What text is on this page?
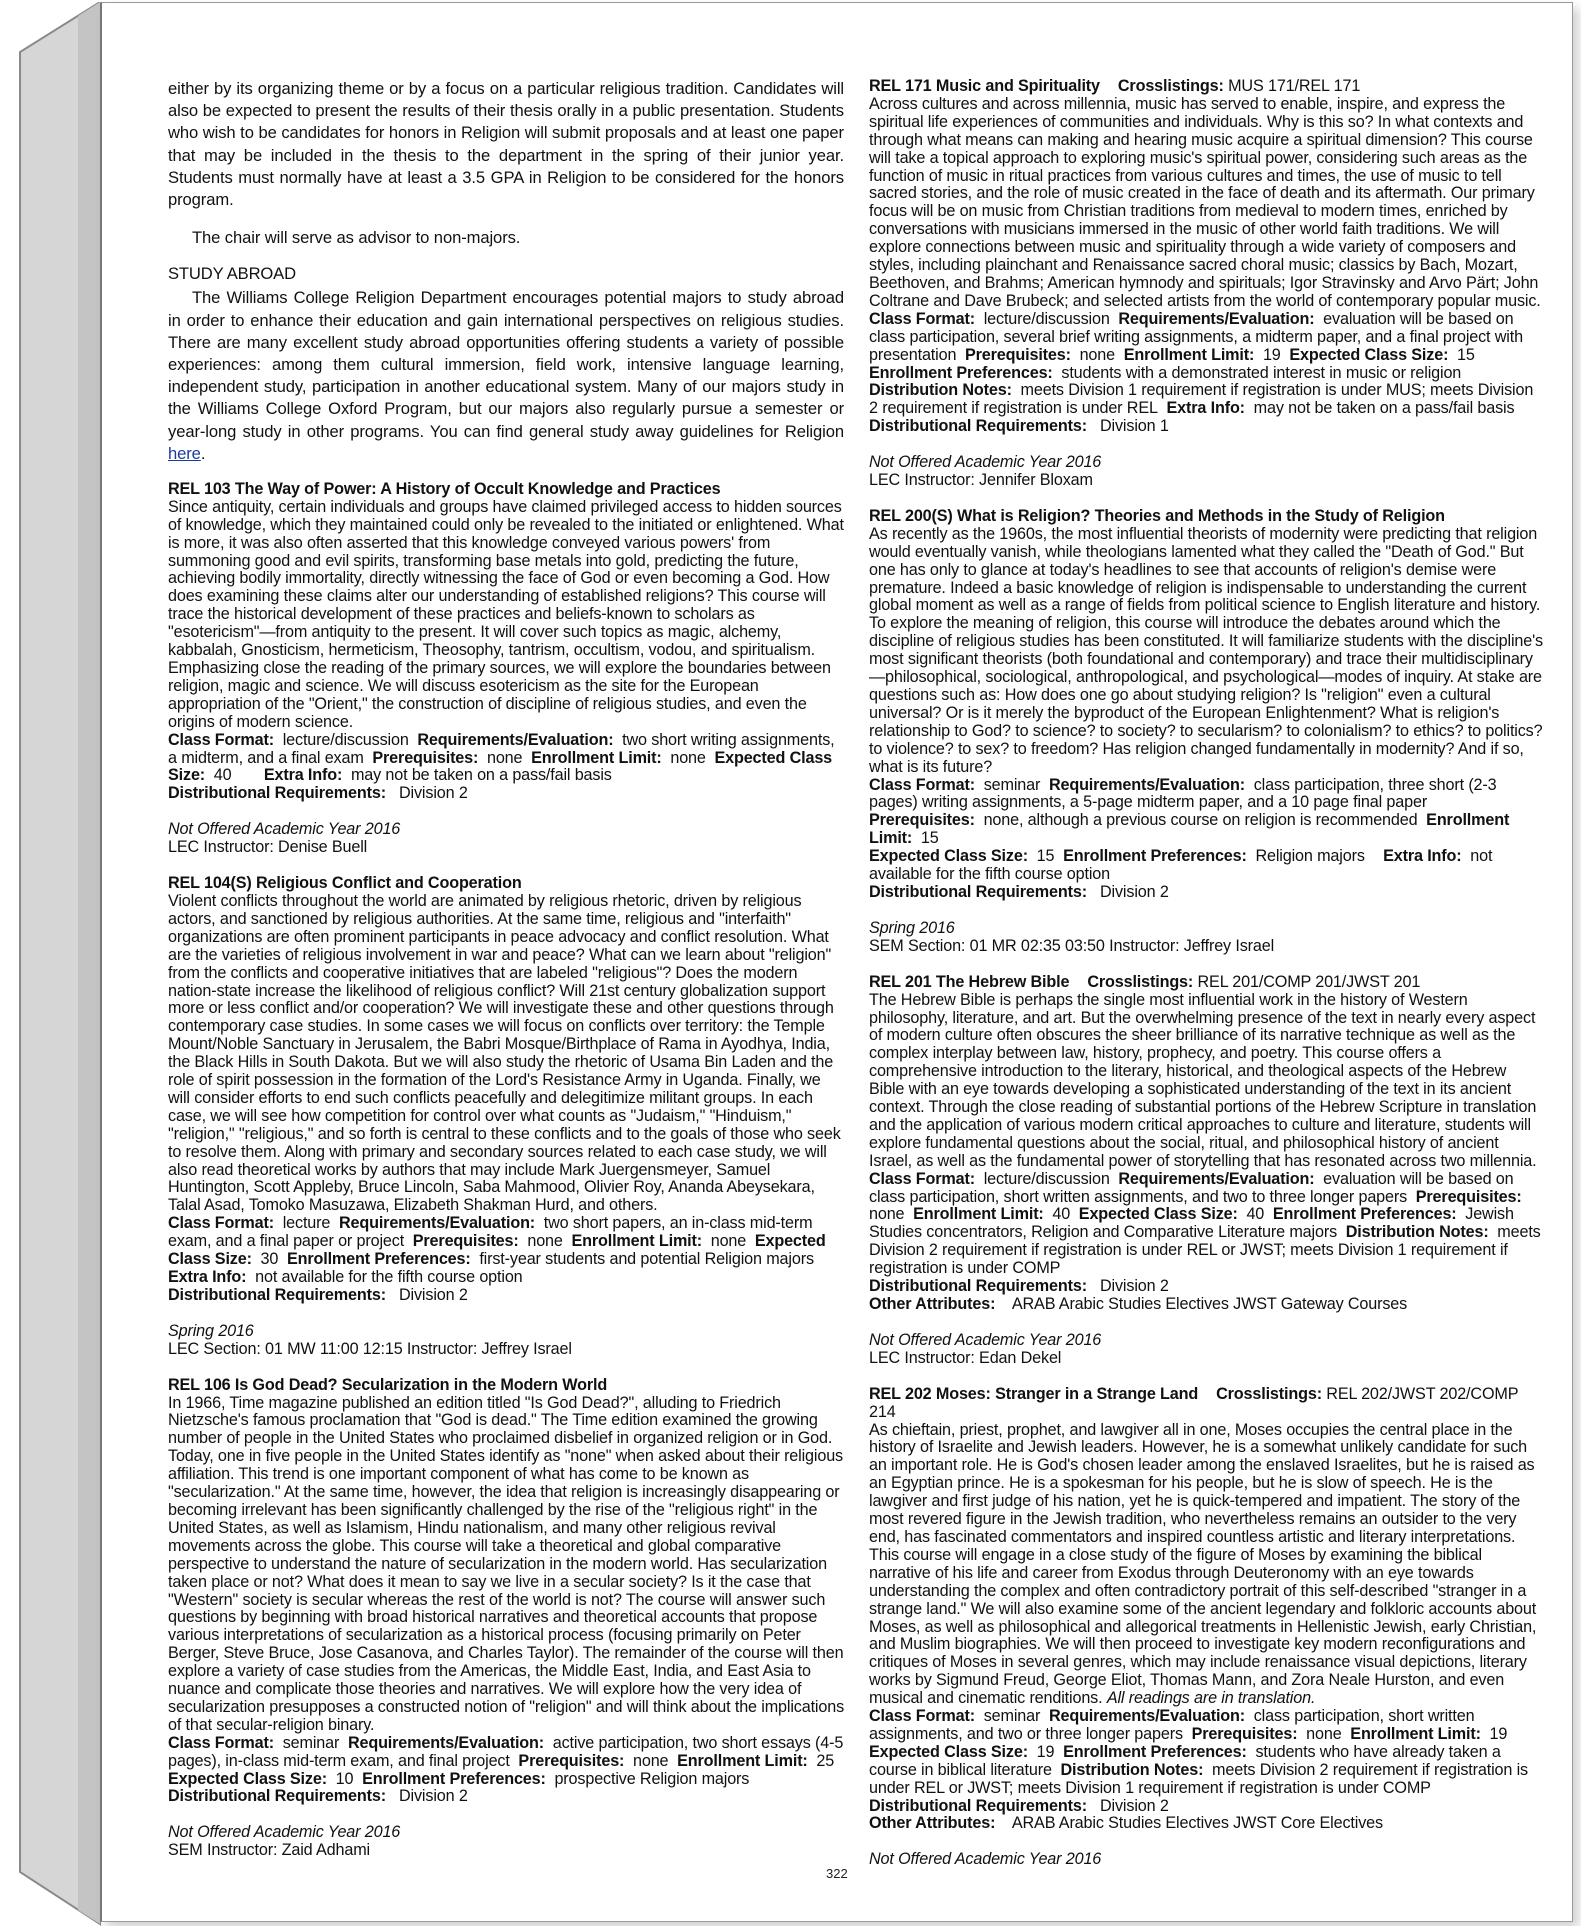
either by its organizing theme or by a focus on a particular religious tradition. Candidates will also be expected to present the results of their thesis orally in a public presentation. Students who wish to be candidates for honors in Religion will submit proposals and at least one paper that may be included in the thesis to the department in the spring of their junior year. Students must normally have at least a 3.5 GPA in Religion to be considered for the honors program.

The chair will serve as advisor to non-majors.

STUDY ABROAD

The Williams College Religion Department encourages potential majors to study abroad in order to enhance their education and gain international perspectives on religious studies. There are many excellent study abroad opportunities offering students a variety of possible experiences: among them cultural immersion, field work, intensive language learning, independent study, participation in another educational system. Many of our majors study in the Williams College Oxford Program, but our majors also regularly pursue a semester or year-long study in other programs. You can find general study away guidelines for Religion here.

REL 103 The Way of Power: A History of Occult Knowledge and Practices
Since antiquity, certain individuals and groups have claimed privileged access to hidden sources of knowledge, which they maintained could only be revealed to the initiated or enlightened. What is more, it was also often asserted that this knowledge conveyed various powers' from summoning good and evil spirits, transforming base metals into gold, predicting the future, achieving bodily immortality, directly witnessing the face of God or even becoming a God. How does examining these claims alter our understanding of established religions? This course will trace the historical development of these practices and beliefs-known to scholars as "esotericism"—from antiquity to the present. It will cover such topics as magic, alchemy, kabbalah, Gnosticism, hermeticism, Theosophy, tantrism, occultism, vodou, and spiritualism. Emphasizing close the reading of the primary sources, we will explore the boundaries between religion, magic and science. We will discuss esotericism as the site for the European appropriation of the "Orient," the construction of discipline of religious studies, and even the origins of modern science.
Class Format: lecture/discussion Requirements/Evaluation: two short writing assignments, a midterm, and a final exam Prerequisites: none Enrollment Limit: none Expected Class Size: 40 Extra Info: may not be taken on a pass/fail basis
Distributional Requirements: Division 2
Not Offered Academic Year 2016
LEC Instructor: Denise Buell
REL 104(S) Religious Conflict and Cooperation
Violent conflicts throughout the world are animated by religious rhetoric, driven by religious actors, and sanctioned by religious authorities. At the same time, religious and "interfaith" organizations are often prominent participants in peace advocacy and conflict resolution. What are the varieties of religious involvement in war and peace? What can we learn about "religion" from the conflicts and cooperative initiatives that are labeled "religious"? Does the modern nation-state increase the likelihood of religious conflict? Will 21st century globalization support more or less conflict and/or cooperation? We will investigate these and other questions through contemporary case studies. In some cases we will focus on conflicts over territory: the Temple Mount/Noble Sanctuary in Jerusalem, the Babri Mosque/Birthplace of Rama in Ayodhya, India, the Black Hills in South Dakota. But we will also study the rhetoric of Usama Bin Laden and the role of spirit possession in the formation of the Lord's Resistance Army in Uganda. Finally, we will consider efforts to end such conflicts peacefully and delegitimize militant groups. In each case, we will see how competition for control over what counts as "Judaism," "Hinduism," "religion," "religious," and so forth is central to these conflicts and to the goals of those who seek to resolve them. Along with primary and secondary sources related to each case study, we will also read theoretical works by authors that may include Mark Juergensmeyer, Samuel Huntington, Scott Appleby, Bruce Lincoln, Saba Mahmood, Olivier Roy, Ananda Abeysekara, Talal Asad, Tomoko Masuzawa, Elizabeth Shakman Hurd, and others.
Class Format: lecture Requirements/Evaluation: two short papers, an in-class mid-term exam, and a final paper or project Prerequisites: none Enrollment Limit: none Expected Class Size: 30 Enrollment Preferences: first-year students and potential Religion majors
Extra Info: not available for the fifth course option
Distributional Requirements: Division 2
Spring 2016
LEC Section: 01 MW 11:00 12:15 Instructor: Jeffrey Israel
REL 106 Is God Dead? Secularization in the Modern World
In 1966, Time magazine published an edition titled "Is God Dead?", alluding to Friedrich Nietzsche's famous proclamation that "God is dead." The Time edition examined the growing number of people in the United States who proclaimed disbelief in organized religion or in God. Today, one in five people in the United States identify as "none" when asked about their religious affiliation. This trend is one important component of what has come to be known as "secularization." At the same time, however, the idea that religion is increasingly disappearing or becoming irrelevant has been significantly challenged by the rise of the "religious right" in the United States, as well as Islamism, Hindu nationalism, and many other religious revival movements across the globe. This course will take a theoretical and global comparative perspective to understand the nature of secularization in the modern world. Has secularization taken place or not? What does it mean to say we live in a secular society? Is it the case that "Western" society is secular whereas the rest of the world is not? The course will answer such questions by beginning with broad historical narratives and theoretical accounts that propose various interpretations of secularization as a historical process (focusing primarily on Peter Berger, Steve Bruce, Jose Casanova, and Charles Taylor). The remainder of the course will then explore a variety of case studies from the Americas, the Middle East, India, and East Asia to nuance and complicate those theories and narratives. We will explore how the very idea of secularization presupposes a constructed notion of "religion" and will think about the implications of that secular-religion binary.
Class Format: seminar Requirements/Evaluation: active participation, two short essays (4-5 pages), in-class mid-term exam, and final project Prerequisites: none Enrollment Limit: 25  Expected Class Size: 10 Enrollment Preferences: prospective Religion majors
Distributional Requirements: Division 2
Not Offered Academic Year 2016
SEM Instructor: Zaid Adhami
REL 171 Music and Spirituality Crosslistings: MUS 171/REL 171
Across cultures and across millennia, music has served to enable, inspire, and express the spiritual life experiences of communities and individuals. Why is this so? In what contexts and through what means can making and hearing music acquire a spiritual dimension? This course will take a topical approach to exploring music's spiritual power, considering such areas as the function of music in ritual practices from various cultures and times, the use of music to tell sacred stories, and the role of music created in the face of death and its aftermath. Our primary focus will be on music from Christian traditions from medieval to modern times, enriched by conversations with musicians immersed in the music of other world faith traditions. We will explore connections between music and spirituality through a wide variety of composers and styles, including plainchant and Renaissance sacred choral music; classics by Bach, Mozart, Beethoven, and Brahms; American hymnody and spirituals; Igor Stravinsky and Arvo Pärt; John Coltrane and Dave Brubeck; and selected artists from the world of contemporary popular music.
Class Format: lecture/discussion Requirements/Evaluation: evaluation will be based on class participation, several brief writing assignments, a midterm paper, and a final project with presentation Prerequisites: none Enrollment Limit: 19 Expected Class Size: 15
Enrollment Preferences: students with a demonstrated interest in music or religion
Distribution Notes: meets Division 1 requirement if registration is under MUS; meets Division 2 requirement if registration is under REL Extra Info: may not be taken on a pass/fail basis
Distributional Requirements: Division 1
Not Offered Academic Year 2016
LEC Instructor: Jennifer Bloxam
REL 200(S) What is Religion? Theories and Methods in the Study of Religion
As recently as the 1960s, the most influential theorists of modernity were predicting that religion would eventually vanish, while theologians lamented what they called the "Death of God." But one has only to glance at today's headlines to see that accounts of religion's demise were premature. Indeed a basic knowledge of religion is indispensable to understanding the current global moment as well as a range of fields from political science to English literature and history. To explore the meaning of religion, this course will introduce the debates around which the discipline of religious studies has been constituted. It will familiarize students with the discipline's most significant theorists (both foundational and contemporary) and trace their multidisciplinary—philosophical, sociological, anthropological, and psychological—modes of inquiry. At stake are questions such as: How does one go about studying religion? Is "religion" even a cultural universal? Or is it merely the byproduct of the European Enlightenment? What is religion's relationship to God? to science? to society? to secularism? to colonialism? to ethics? to politics? to violence? to sex? to freedom? Has religion changed fundamentally in modernity? And if so, what is its future?
Class Format: seminar Requirements/Evaluation: class participation, three short (2-3 pages) writing assignments, a 5-page midterm paper, and a 10 page final paper  Prerequisites: none, although a previous course on religion is recommended Enrollment Limit: 15
Expected Class Size: 15 Enrollment Preferences: Religion majors Extra Info: not available for the fifth course option
Distributional Requirements: Division 2
Spring 2016
SEM Section: 01 MR 02:35 03:50 Instructor: Jeffrey Israel
REL 201 The Hebrew Bible Crosslistings: REL 201/COMP 201/JWST 201
The Hebrew Bible is perhaps the single most influential work in the history of Western philosophy, literature, and art. But the overwhelming presence of the text in nearly every aspect of modern culture often obscures the sheer brilliance of its narrative technique as well as the complex interplay between law, history, prophecy, and poetry. This course offers a comprehensive introduction to the literary, historical, and theological aspects of the Hebrew Bible with an eye towards developing a sophisticated understanding of the text in its ancient context. Through the close reading of substantial portions of the Hebrew Scripture in translation and the application of various modern critical approaches to culture and literature, students will explore fundamental questions about the social, ritual, and philosophical history of ancient Israel, as well as the fundamental power of storytelling that has resonated across two millennia.
Class Format: lecture/discussion Requirements/Evaluation: evaluation will be based on class participation, short written assignments, and two to three longer papers Prerequisites:  none Enrollment Limit: 40 Expected Class Size: 40 Enrollment Preferences: Jewish Studies concentrators, Religion and Comparative Literature majors Distribution Notes: meets Division 2 requirement if registration is under REL or JWST; meets Division 1 requirement if registration is under COMP
Distributional Requirements: Division 2
Other Attributes: ARAB Arabic Studies Electives JWST Gateway Courses
Not Offered Academic Year 2016
LEC Instructor: Edan Dekel
REL 202 Moses: Stranger in a Strange Land Crosslistings: REL 202/JWST 202/COMP 214
As chieftain, priest, prophet, and lawgiver all in one, Moses occupies the central place in the history of Israelite and Jewish leaders. However, he is a somewhat unlikely candidate for such an important role. He is God's chosen leader among the enslaved Israelites, but he is raised as an Egyptian prince. He is a spokesman for his people, but he is slow of speech. He is the lawgiver and first judge of his nation, yet he is quick-tempered and impatient. The story of the most revered figure in the Jewish tradition, who nevertheless remains an outsider to the very end, has fascinated commentators and inspired countless artistic and literary interpretations. This course will engage in a close study of the figure of Moses by examining the biblical narrative of his life and career from Exodus through Deuteronomy with an eye towards understanding the complex and often contradictory portrait of this self-described "stranger in a strange land." We will also examine some of the ancient legendary and folkloric accounts about Moses, as well as philosophical and allegorical treatments in Hellenistic Jewish, early Christian, and Muslim biographies. We will then proceed to investigate key modern reconfigurations and critiques of Moses in several genres, which may include renaissance visual depictions, literary works by Sigmund Freud, George Eliot, Thomas Mann, and Zora Neale Hurston, and even musical and cinematic renditions. All readings are in translation.
Class Format: seminar Requirements/Evaluation: class participation, short written assignments, and two or three longer papers Prerequisites: none Enrollment Limit: 19
Expected Class Size: 19 Enrollment Preferences: students who have already taken a course in biblical literature Distribution Notes: meets Division 2 requirement if registration is under REL or JWST; meets Division 1 requirement if registration is under COMP
Distributional Requirements: Division 2
Other Attributes: ARAB Arabic Studies Electives JWST Core Electives
Not Offered Academic Year 2016
322
